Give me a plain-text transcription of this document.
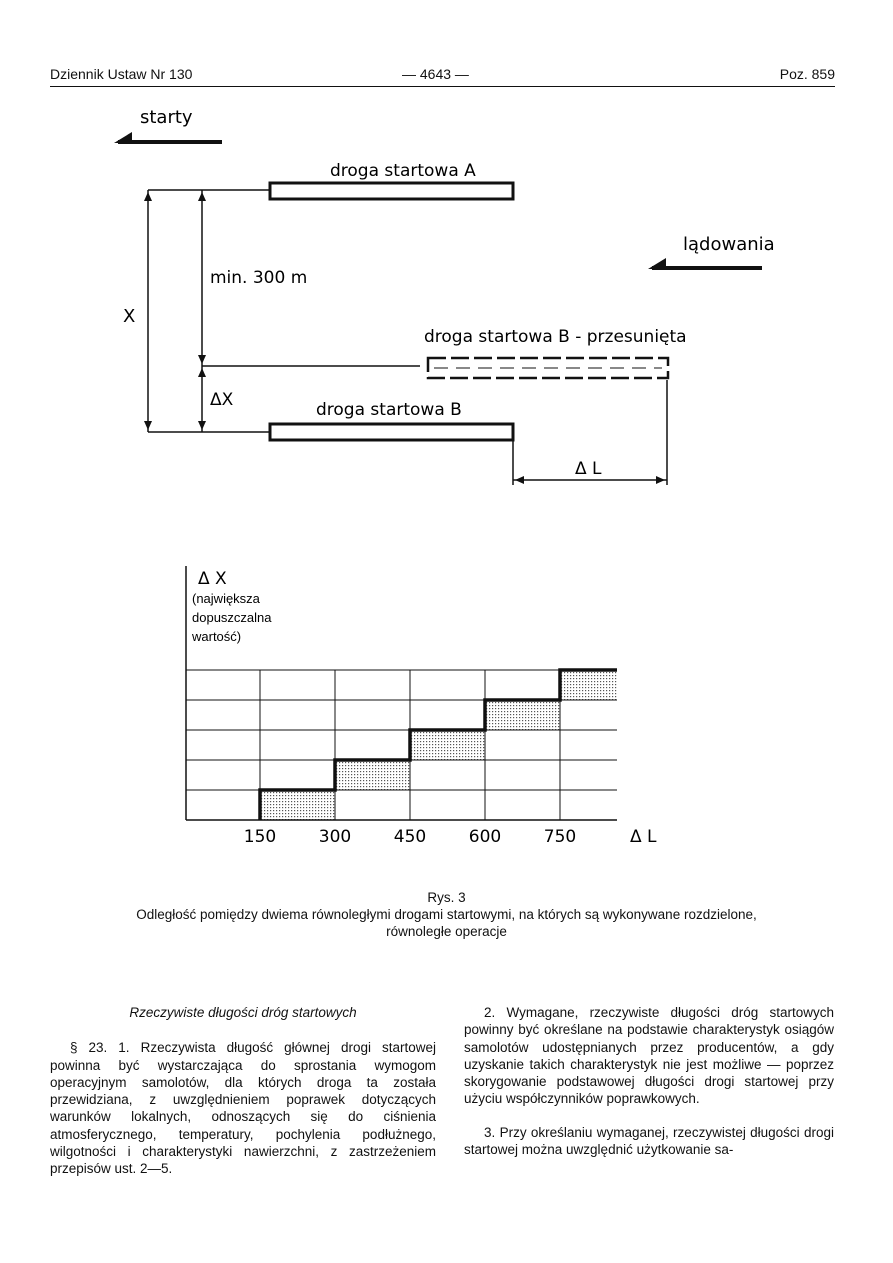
Dziennik Ustaw Nr 130	— 4643 —	Poz. 859
starty
droga startowa A
lądowania
min. 300 m
X
droga startowa B - przesunięta
ΔX	droga startowa B
Δ L
Δ X
(największa
dopuszczalna
wartość)
150	300	450	600	750	Δ L
Rys. 3
Odległość pomiędzy dwiema równoległymi drogami startowymi, na których są wykonywane rozdzielone,
równoległe operacje

Rzeczywiste długości dróg startowych

§ 23. 1. Rzeczywista długość głównej drogi startowej powinna być wystarczająca do sprostania wymogom operacyjnym samolotów, dla których droga ta została przewidziana, z uwzględnieniem poprawek dotyczących warunków lokalnych, odnoszących się do ciśnienia atmosferycznego, temperatury, pochylenia podłużnego, wilgotności i charakterystyki nawierzchni, z zastrzeżeniem przepisów ust. 2—5.

2. Wymagane, rzeczywiste długości dróg startowych powinny być określane na podstawie charakterystyk osiągów samolotów udostępnianych przez producentów, a gdy uzyskanie takich charakterystyk nie jest możliwe — poprzez skorygowanie podstawowej długości drogi startowej przy użyciu współczynników poprawkowych.

3. Przy określaniu wymaganej, rzeczywistej długości drogi startowej można uwzględnić użytkowanie sa-
